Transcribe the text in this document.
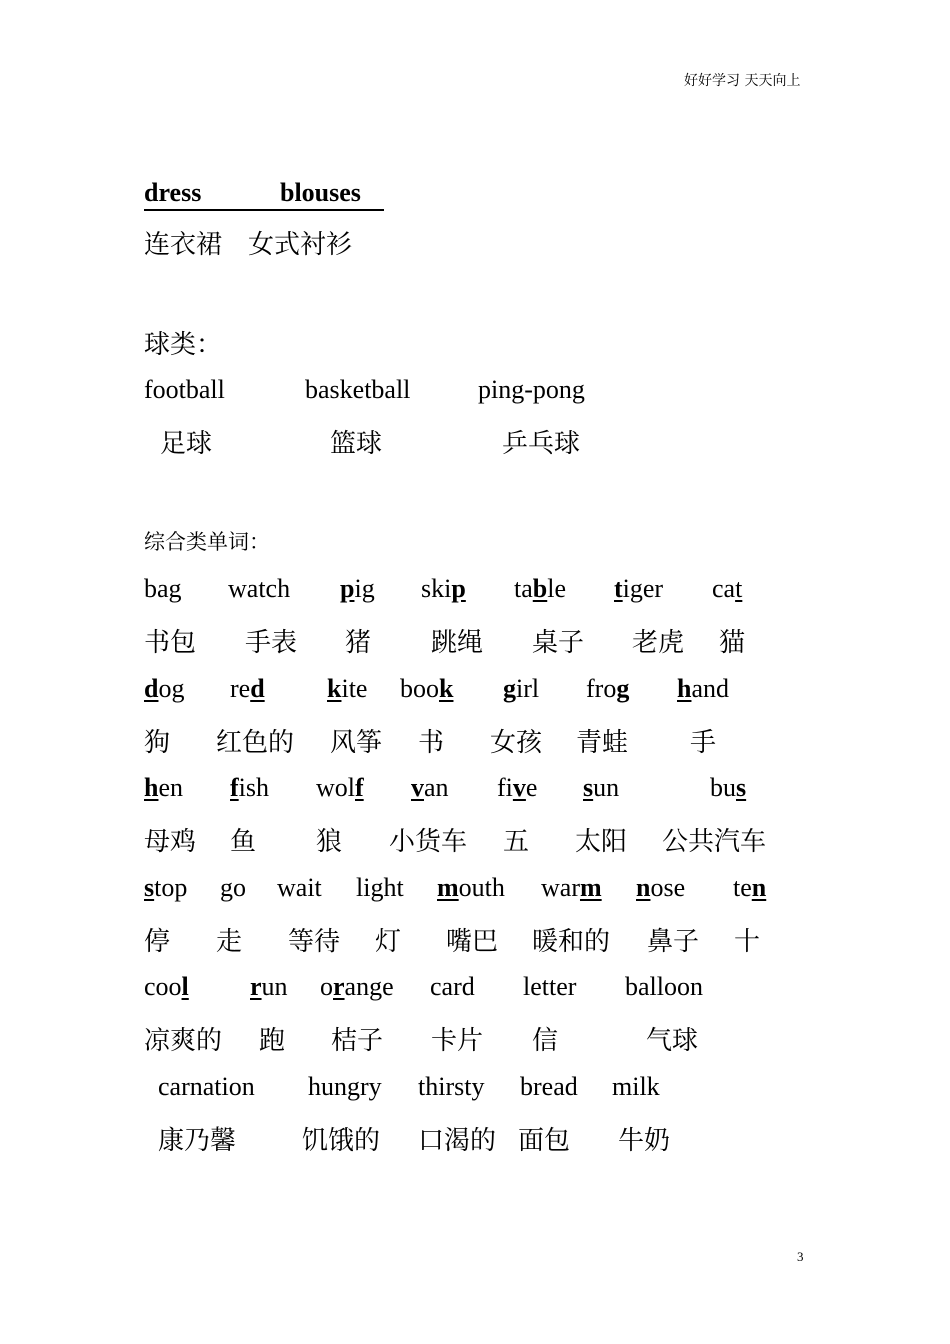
好好学习 天天向上
dress	blouses
连衣裙　女式衬衫
球类：
football	basketball	ping-pong
足球	篮球	乒乓球
综合类单词：
bag watch pig skip table tiger cat
书包 手表 猪 跳绳 桌子 老虎 猫
dog red kite book girl frog hand
狗 红色的 风筝 书 女孩 青蛙 手
hen fish wolf van five sun	bus
母鸡 鱼 狼 小货车 五 太阳 公共汽车
stop go wait light mouth warm nose ten
停 走 等待 灯 嘴巴 暖和的 鼻子 十
cool run orange card letter balloon
凉爽的 跑 桔子 卡片 信	气球
carnation hungry thirsty bread milk
康乃馨	饥饿的 口渴的 面包 牛奶
3
